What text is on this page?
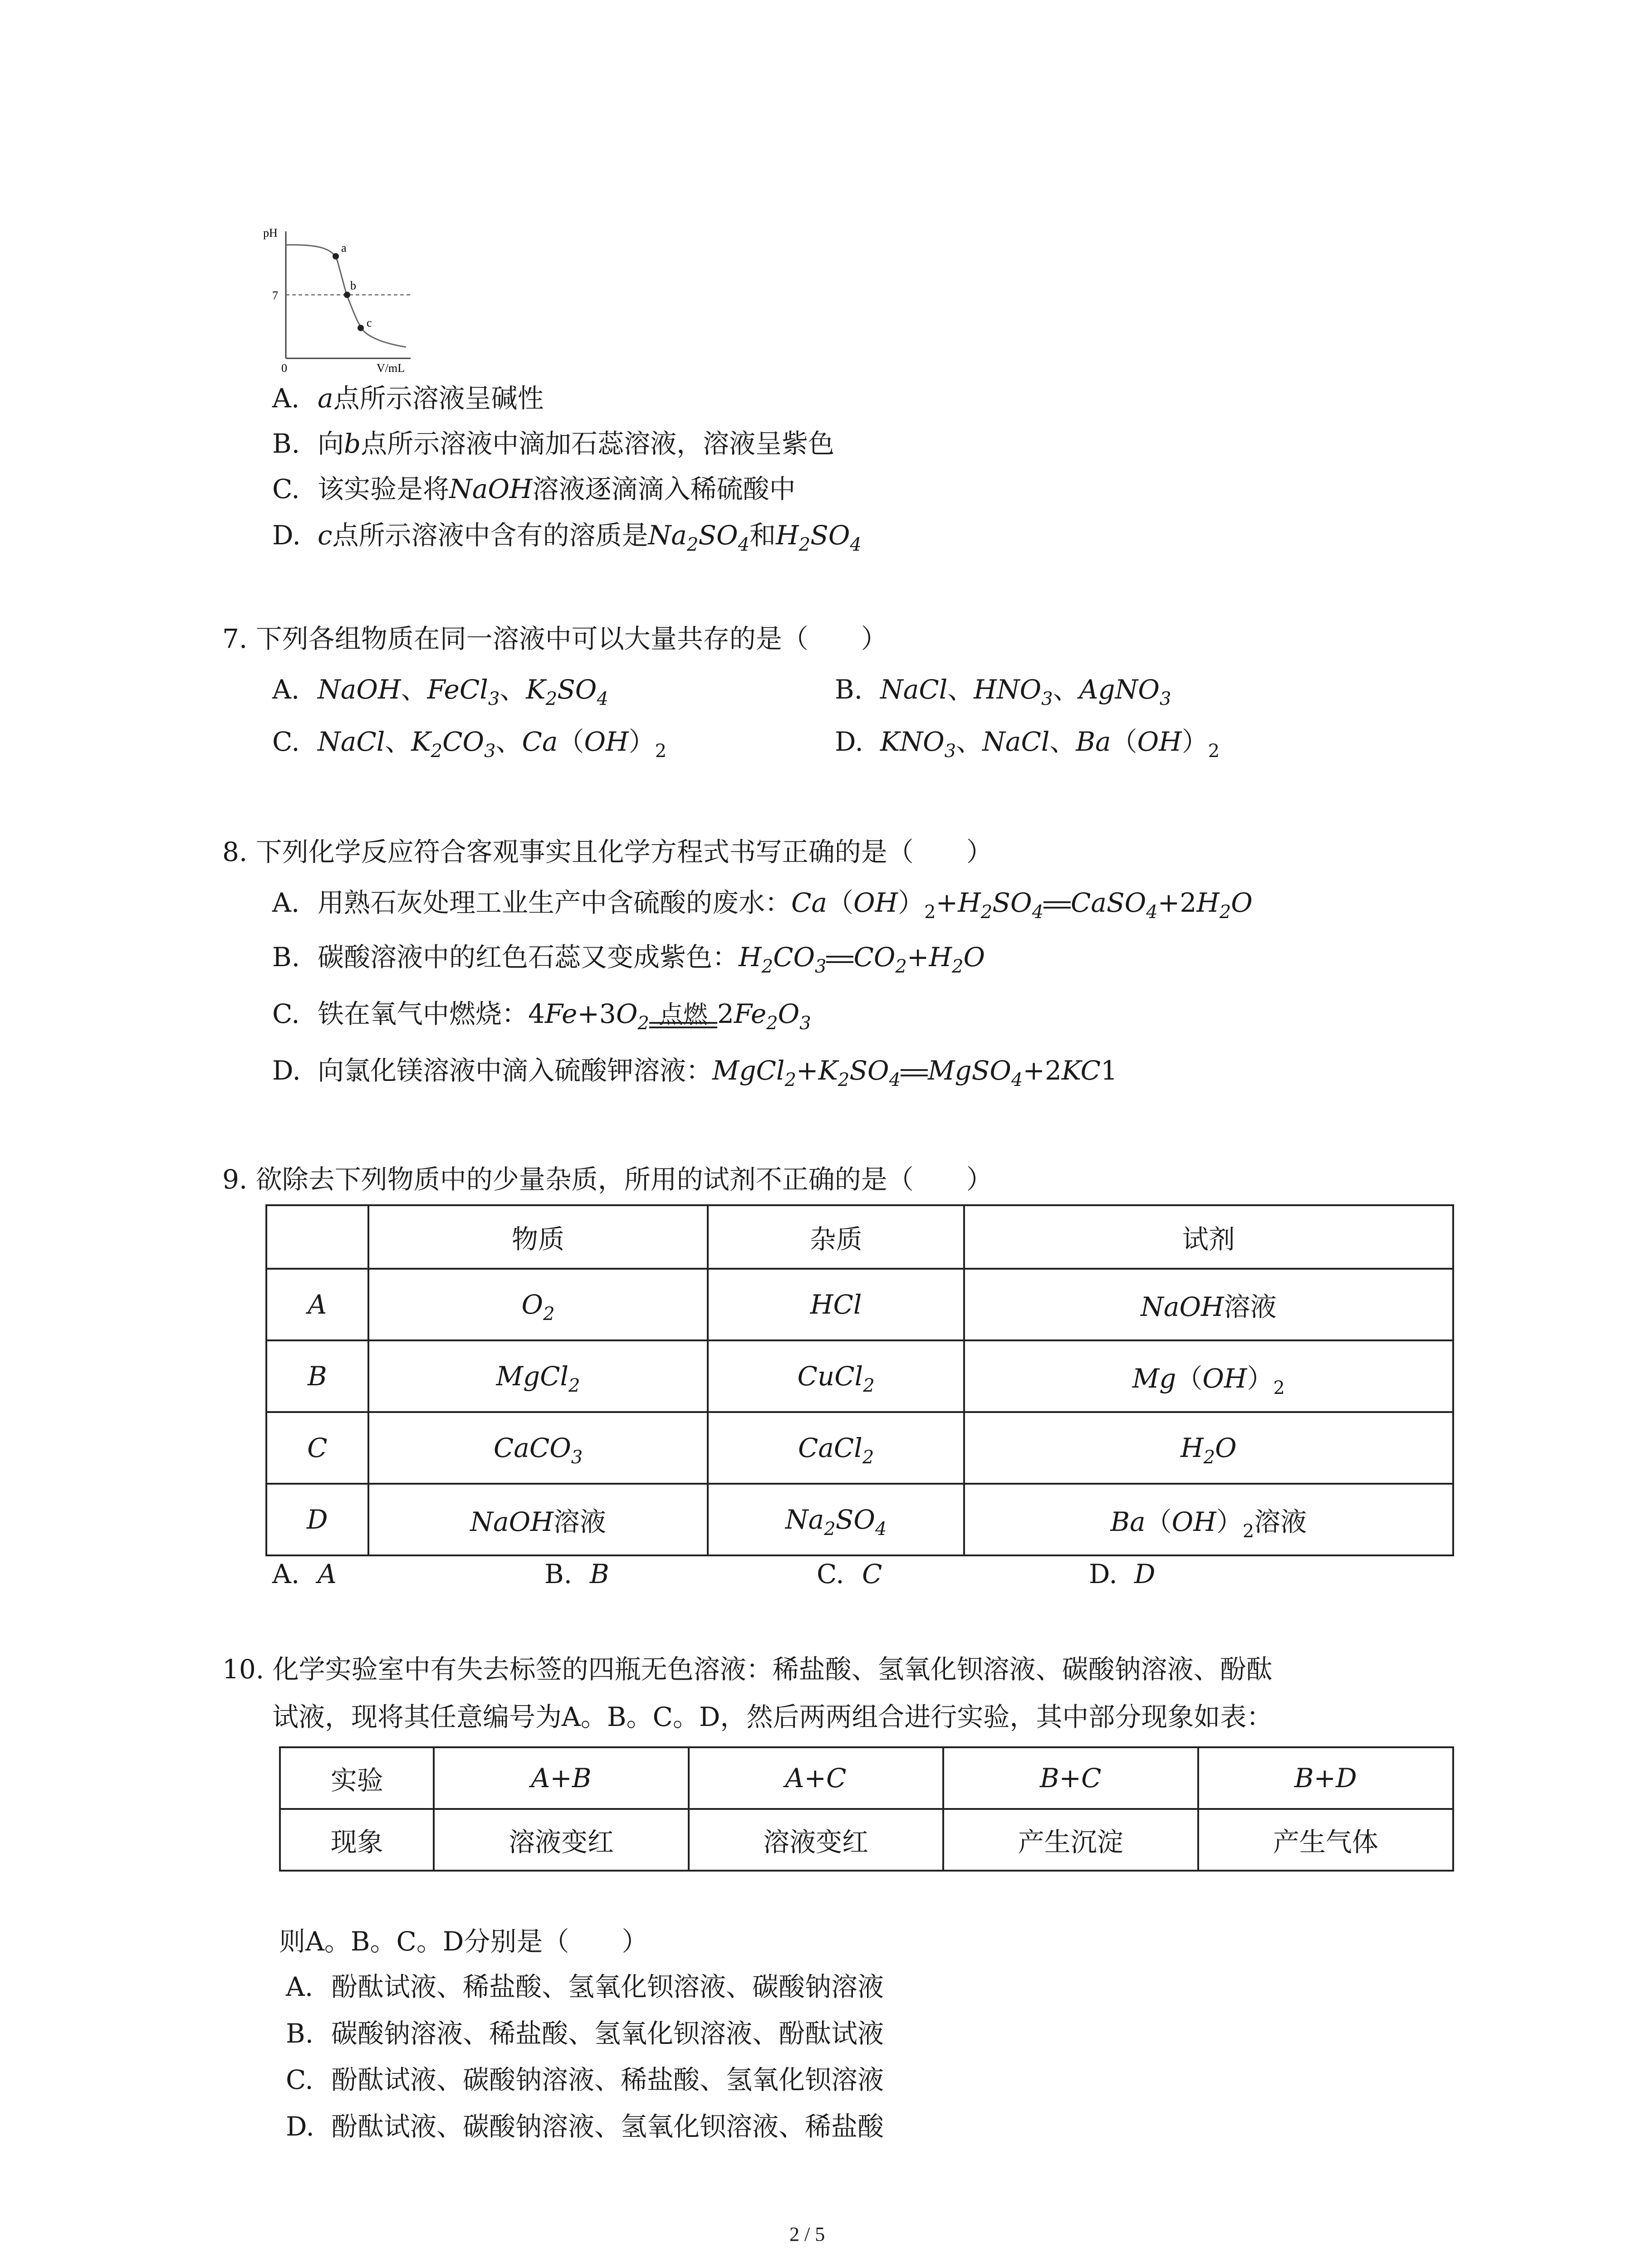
pH
7
0	V/mL
a
b
c
A. a点所示溶液呈碱性
B. 向b点所示溶液中滴加石蕊溶液，溶液呈紫色
C. 该实验是将NaOH溶液逐滴滴入稀硫酸中
D. c点所示溶液中含有的溶质是$Na_2SO_4$和$H_2SO_4$
7. 下列各组物质在同一溶液中可以大量共存的是（　　）
A. NaOH、FeCl$_3$、$K_2SO_4$	B. NaCl、$HNO_3$、AgNO$_3$
C. NaCl、$K_2CO_3$、$Ca(OH)_2$	D. $KNO_3$、NaCl、$Ba(OH)_2$
8. 下列化学反应符合客观事实且化学方程式书写正确的是（　　）
A. 用熟石灰处理工业生产中含硫酸的废水：$Ca(OH)_2+H_2SO_4$ $CaSO_4+2H_2O$
B. 碳酸溶液中的红色石蕊又变成紫色：$H_2CO_3$ $CO_2+H_2O$
C. 铁在氧气中燃烧：$4Fe+3O_2$ 点燃 $2Fe_2O_3$
D. 向氯化镁溶液中滴入硫酸钾溶液：$MgCl_2+K_2SO_4$ MgSO$_4$+2KC1
9. 欲除去下列物质中的少量杂质，所用的试剂不正确的是（　　）
	物质	杂质	试剂
A	$O_2$	HCl	NaOH溶液
B	MgCl$_2$	CuCl$_2$	$Mg(OH)_2$
C	CaCO$_3$	CaCl$_2$	$H_2O$
D	NaOH溶液	$Na_2SO_4$	$Ba(OH)_2$溶液
A. A	B. B	C. C	D. D
10. 化学实验室中有失去标签的四瓶无色溶液：稀盐酸、氢氧化钡溶液、碳酸钠溶液、酚酞
试液，现将其任意编号为A。B。C。D，然后两两组合进行实验，其中部分现象如表：
实验	A+B	A+C	B+C	B+D
现象	溶液变红	溶液变红	产生沉淀	产生气体
则A。B。C。D分别是（　　）
A. 酚酞试液、稀盐酸、氢氧化钡溶液、碳酸钠溶液
B. 碳酸钠溶液、稀盐酸、氢氧化钡溶液、酚酞试液
C. 酚酞试液、碳酸钠溶液、稀盐酸、氢氧化钡溶液
D. 酚酞试液、碳酸钠溶液、氢氧化钡溶液、稀盐酸
2 / 5
